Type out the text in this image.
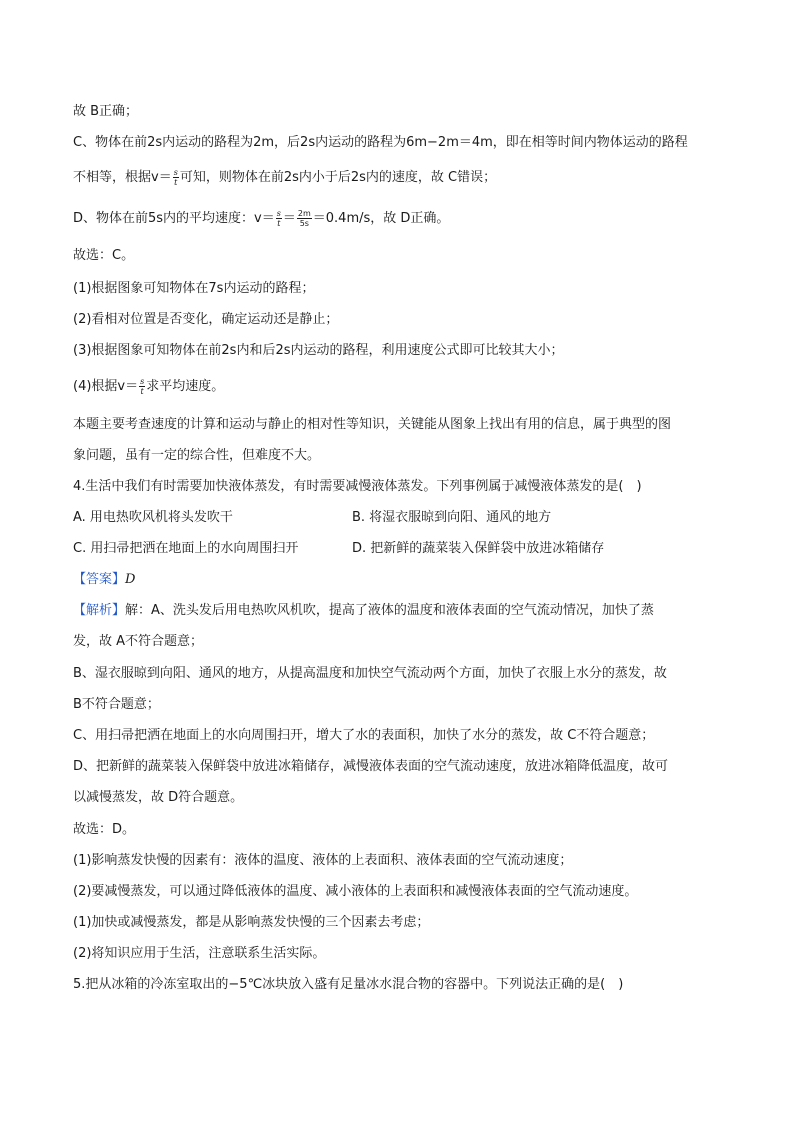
故 B正确；
C、物体在前2s内运动的路程为2m，后2s内运动的路程为6m−2m＝4m，即在相等时间内物体运动的路程
不相等，根据$v= \frac{s}{t}$ 可知，则物体在前2s内小于后2s内的速度，故 C错误；
D、物体在前5s内的平均速度：$v= \frac{s}{t} = \frac{2m}{5s} =0.4m/s$，故 D正确。
故选：C。
(1)根据图象可知物体在7s内运动的路程；
(2)看相对位置是否变化，确定运动还是静止；
(3)根据图象可知物体在前2s内和后2s内运动的路程，利用速度公式即可比较其大小；
(4)根据$v= \frac{s}{t}$ 求平均速度。
本题主要考查速度的计算和运动与静止的相对性等知识，关键能从图象上找出有用的信息，属于典型的图
象问题，虽有一定的综合性，但难度不大。
4.生活中我们有时需要加快液体蒸发，有时需要减慢液体蒸发。下列事例属于减慢液体蒸发的是(　)
A. 用电热吹风机将头发吹干	B. 将湿衣服晾到向阳、通风的地方
C. 用扫帚把洒在地面上的水向周围扫开	D. 把新鲜的蔬菜装入保鲜袋中放进冰箱储存
【答案】D
【解析】解：A、洗头发后用电热吹风机吹，提高了液体的温度和液体表面的空气流动情况，加快了蒸
发，故 A不符合题意；
B、湿衣服晾到向阳、通风的地方，从提高温度和加快空气流动两个方面，加快了衣服上水分的蒸发，故
B不符合题意；
C、用扫帚把洒在地面上的水向周围扫开，增大了水的表面积，加快了水分的蒸发，故 C不符合题意；
D、把新鲜的蔬菜装入保鲜袋中放进冰箱储存，减慢液体表面的空气流动速度，放进冰箱降低温度，故可
以减慢蒸发，故 D符合题意。
故选：D。
(1)影响蒸发快慢的因素有：液体的温度、液体的上表面积、液体表面的空气流动速度；
(2)要减慢蒸发，可以通过降低液体的温度、减小液体的上表面积和减慢液体表面的空气流动速度。
(1)加快或减慢蒸发，都是从影响蒸发快慢的三个因素去考虑；
(2)将知识应用于生活，注意联系生活实际。
5.把从冰箱的冷冻室取出的−5℃冰块放入盛有足量冰水混合物的容器中。下列说法正确的是(　)
